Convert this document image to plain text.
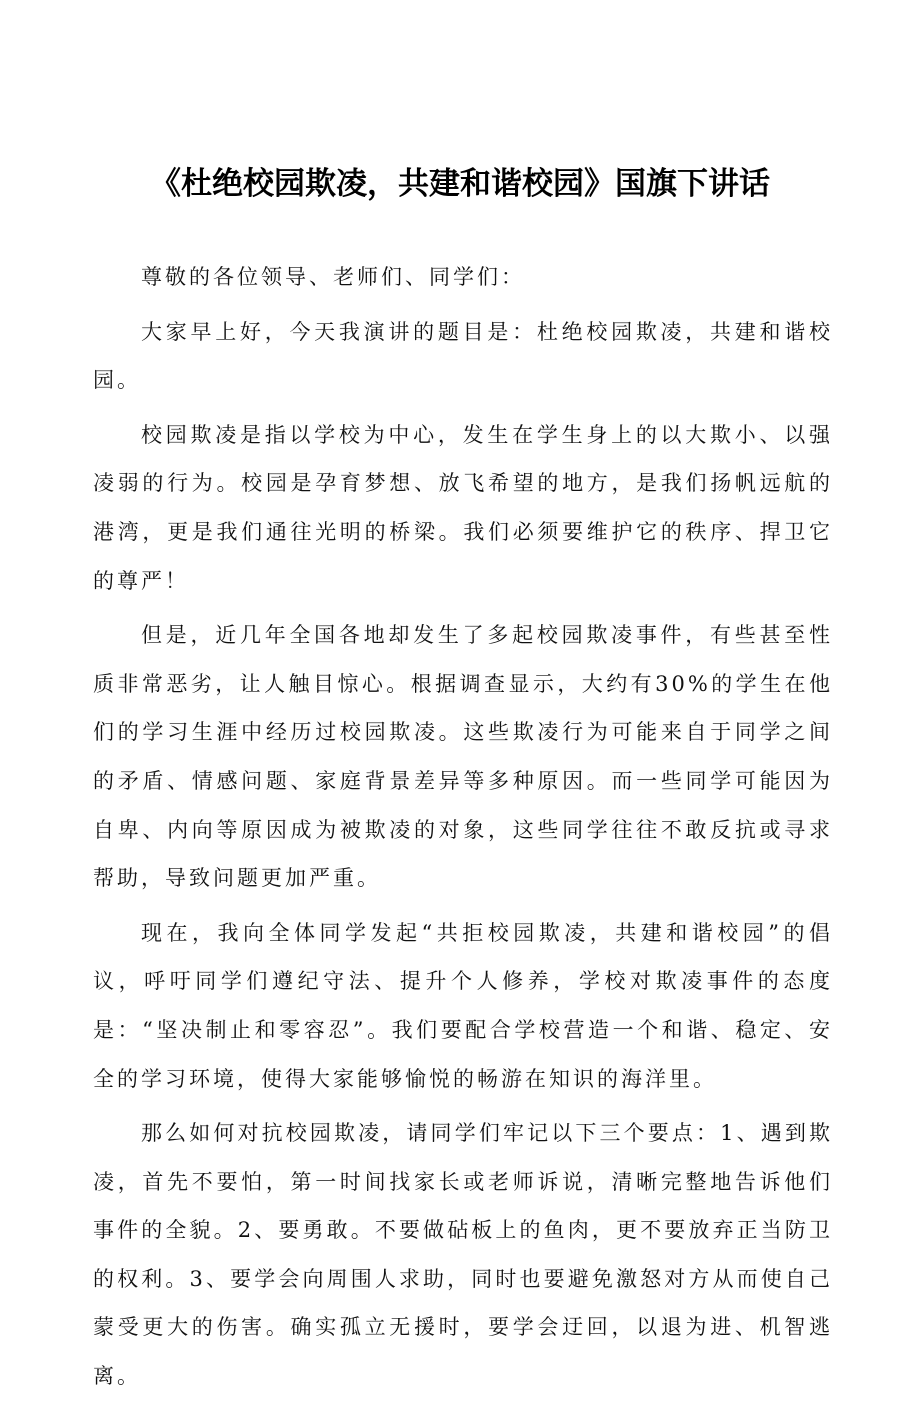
《杜绝校园欺凌，共建和谐校园》国旗下讲话

尊敬的各位领导、老师们、同学们：

大家早上好，今天我演讲的题目是：杜绝校园欺凌，共建和谐校园。

校园欺凌是指以学校为中心，发生在学生身上的以大欺小、以强凌弱的行为。校园是孕育梦想、放飞希望的地方，是我们扬帆远航的港湾，更是我们通往光明的桥梁。我们必须要维护它的秩序、捍卫它的尊严！

但是，近几年全国各地却发生了多起校园欺凌事件，有些甚至性质非常恶劣，让人触目惊心。根据调查显示，大约有30%的学生在他们的学习生涯中经历过校园欺凌。这些欺凌行为可能来自于同学之间的矛盾、情感问题、家庭背景差异等多种原因。而一些同学可能因为自卑、内向等原因成为被欺凌的对象，这些同学往往不敢反抗或寻求帮助，导致问题更加严重。

现在，我向全体同学发起“共拒校园欺凌，共建和谐校园”的倡议，呼吁同学们遵纪守法、提升个人修养，学校对欺凌事件的态度是：“坚决制止和零容忍”。我们要配合学校营造一个和谐、稳定、安全的学习环境，使得大家能够愉悦的畅游在知识的海洋里。

那么如何对抗校园欺凌，请同学们牢记以下三个要点：1、遇到欺凌，首先不要怕，第一时间找家长或老师诉说，清晰完整地告诉他们事件的全貌。2、要勇敢。不要做砧板上的鱼肉，更不要放弃正当防卫的权利。3、要学会向周围人求助，同时也要避免激怒对方从而使自己蒙受更大的伤害。确实孤立无援时，要学会迂回，以退为进、机智逃离。
